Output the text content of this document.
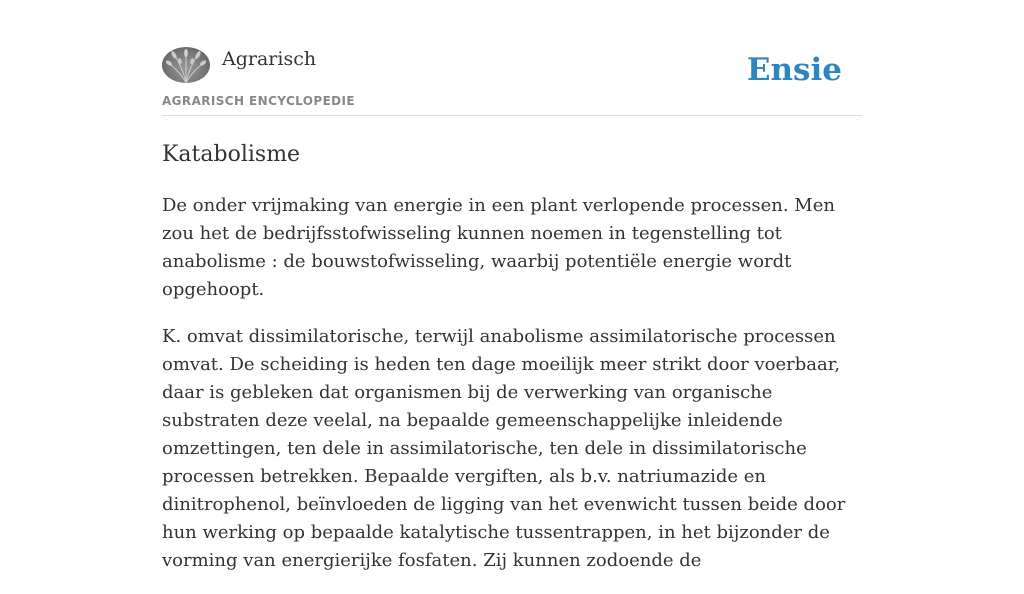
Agrarisch
AGRARISCH ENCYCLOPEDIE
Ensie
Katabolisme

De onder vrijmaking van energie in een plant verlopende processen. Men zou het de bedrijfsstofwisseling kunnen noemen in tegenstelling tot anabolisme : de bouwstofwisseling, waarbij potentiële energie wordt opgehoopt.

K. omvat dissimilatorische, terwijl anabolisme assimilatorische processen omvat. De scheiding is heden ten dage moeilijk meer strikt door voerbaar, daar is gebleken dat organismen bij de verwerking van organische substraten deze veelal, na bepaalde gemeenschappelijke inleidende omzettingen, ten dele in assimilatorische, ten dele in dissimilatorische processen betrekken. Bepaalde vergiften, als b.v. natriumazide en dinitrophenol, beïnvloeden de ligging van het evenwicht tussen beide door hun werking op bepaalde katalytische tussentrappen, in het bijzonder de vorming van energierijke fosfaten. Zij kunnen zodoende de
